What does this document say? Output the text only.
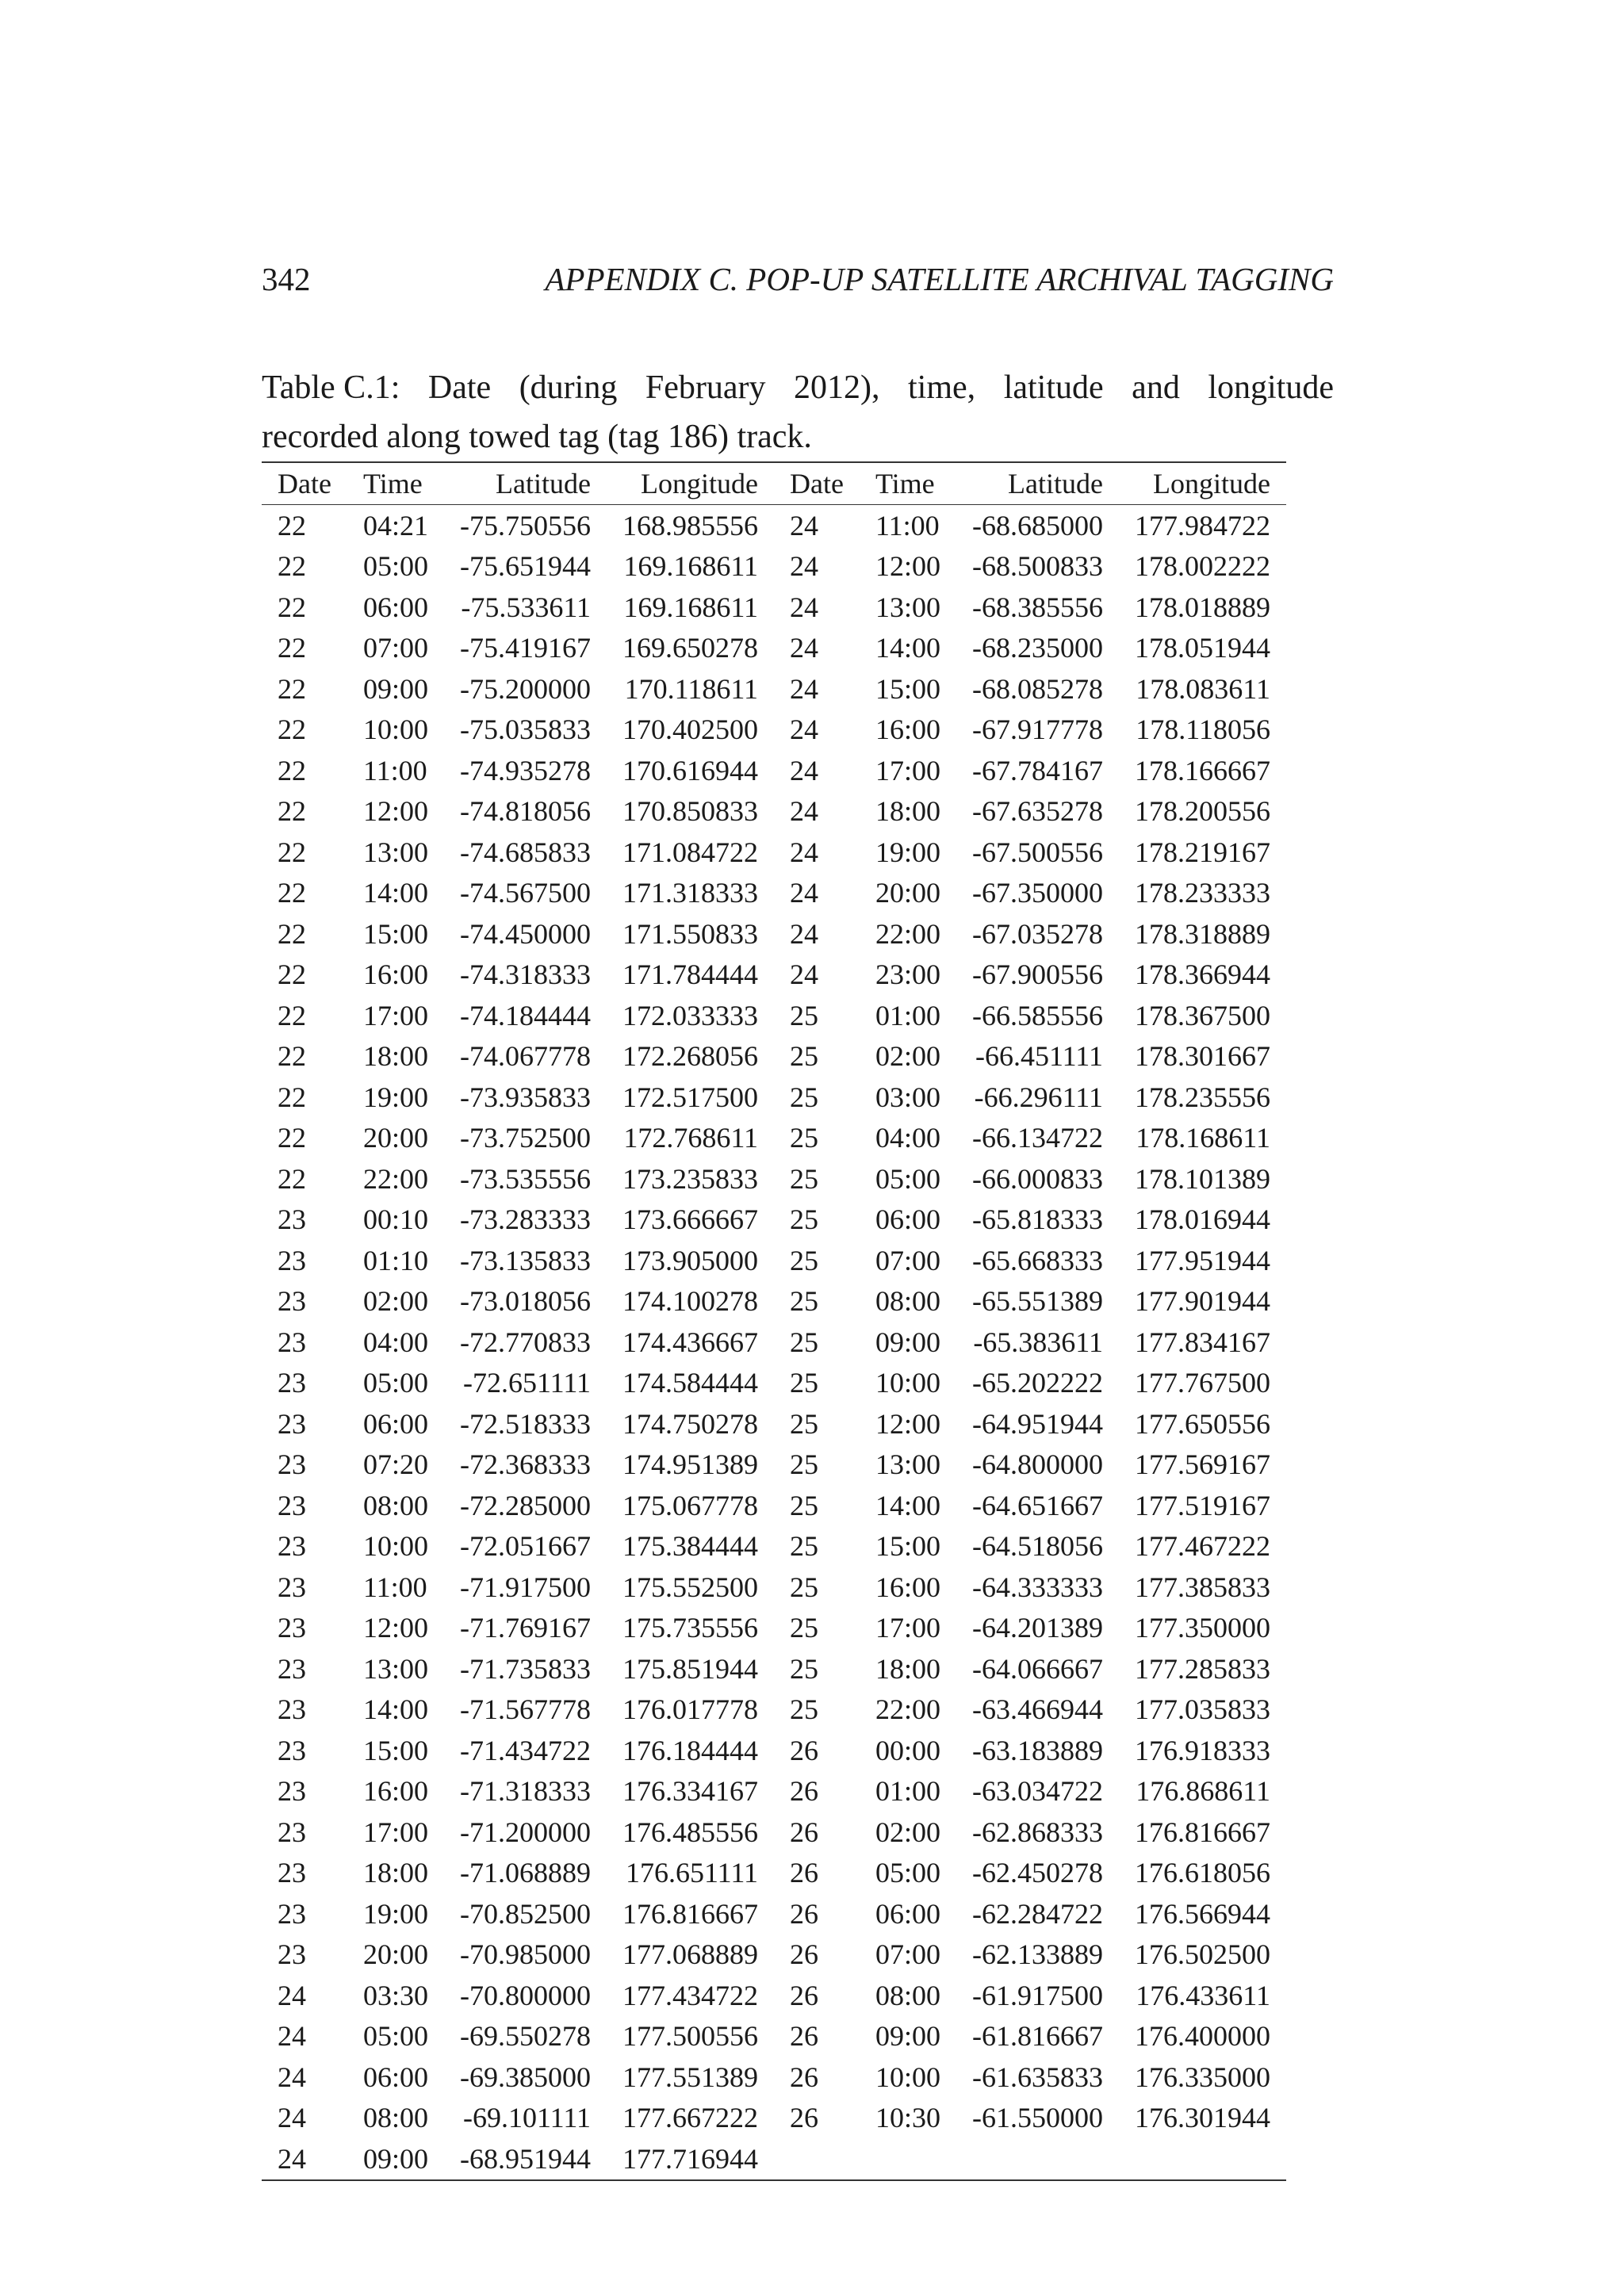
342	APPENDIX C. POP-UP SATELLITE ARCHIVAL TAGGING
Table C.1: Date (during February 2012), time, latitude and longitude
recorded along towed tag (tag 186) track.
Date	Time	Latitude	Longitude	Date	Time	Latitude	Longitude
22	04:21	-75.750556	168.985556	24	11:00	-68.685000	177.984722
22	05:00	-75.651944	169.168611	24	12:00	-68.500833	178.002222
22	06:00	-75.533611	169.168611	24	13:00	-68.385556	178.018889
22	07:00	-75.419167	169.650278	24	14:00	-68.235000	178.051944
22	09:00	-75.200000	170.118611	24	15:00	-68.085278	178.083611
22	10:00	-75.035833	170.402500	24	16:00	-67.917778	178.118056
22	11:00	-74.935278	170.616944	24	17:00	-67.784167	178.166667
22	12:00	-74.818056	170.850833	24	18:00	-67.635278	178.200556
22	13:00	-74.685833	171.084722	24	19:00	-67.500556	178.219167
22	14:00	-74.567500	171.318333	24	20:00	-67.350000	178.233333
22	15:00	-74.450000	171.550833	24	22:00	-67.035278	178.318889
22	16:00	-74.318333	171.784444	24	23:00	-67.900556	178.366944
22	17:00	-74.184444	172.033333	25	01:00	-66.585556	178.367500
22	18:00	-74.067778	172.268056	25	02:00	-66.451111	178.301667
22	19:00	-73.935833	172.517500	25	03:00	-66.296111	178.235556
22	20:00	-73.752500	172.768611	25	04:00	-66.134722	178.168611
22	22:00	-73.535556	173.235833	25	05:00	-66.000833	178.101389
23	00:10	-73.283333	173.666667	25	06:00	-65.818333	178.016944
23	01:10	-73.135833	173.905000	25	07:00	-65.668333	177.951944
23	02:00	-73.018056	174.100278	25	08:00	-65.551389	177.901944
23	04:00	-72.770833	174.436667	25	09:00	-65.383611	177.834167
23	05:00	-72.651111	174.584444	25	10:00	-65.202222	177.767500
23	06:00	-72.518333	174.750278	25	12:00	-64.951944	177.650556
23	07:20	-72.368333	174.951389	25	13:00	-64.800000	177.569167
23	08:00	-72.285000	175.067778	25	14:00	-64.651667	177.519167
23	10:00	-72.051667	175.384444	25	15:00	-64.518056	177.467222
23	11:00	-71.917500	175.552500	25	16:00	-64.333333	177.385833
23	12:00	-71.769167	175.735556	25	17:00	-64.201389	177.350000
23	13:00	-71.735833	175.851944	25	18:00	-64.066667	177.285833
23	14:00	-71.567778	176.017778	25	22:00	-63.466944	177.035833
23	15:00	-71.434722	176.184444	26	00:00	-63.183889	176.918333
23	16:00	-71.318333	176.334167	26	01:00	-63.034722	176.868611
23	17:00	-71.200000	176.485556	26	02:00	-62.868333	176.816667
23	18:00	-71.068889	176.651111	26	05:00	-62.450278	176.618056
23	19:00	-70.852500	176.816667	26	06:00	-62.284722	176.566944
23	20:00	-70.985000	177.068889	26	07:00	-62.133889	176.502500
24	03:30	-70.800000	177.434722	26	08:00	-61.917500	176.433611
24	05:00	-69.550278	177.500556	26	09:00	-61.816667	176.400000
24	06:00	-69.385000	177.551389	26	10:00	-61.635833	176.335000
24	08:00	-69.101111	177.667222	26	10:30	-61.550000	176.301944
24	09:00	-68.951944	177.716944				
